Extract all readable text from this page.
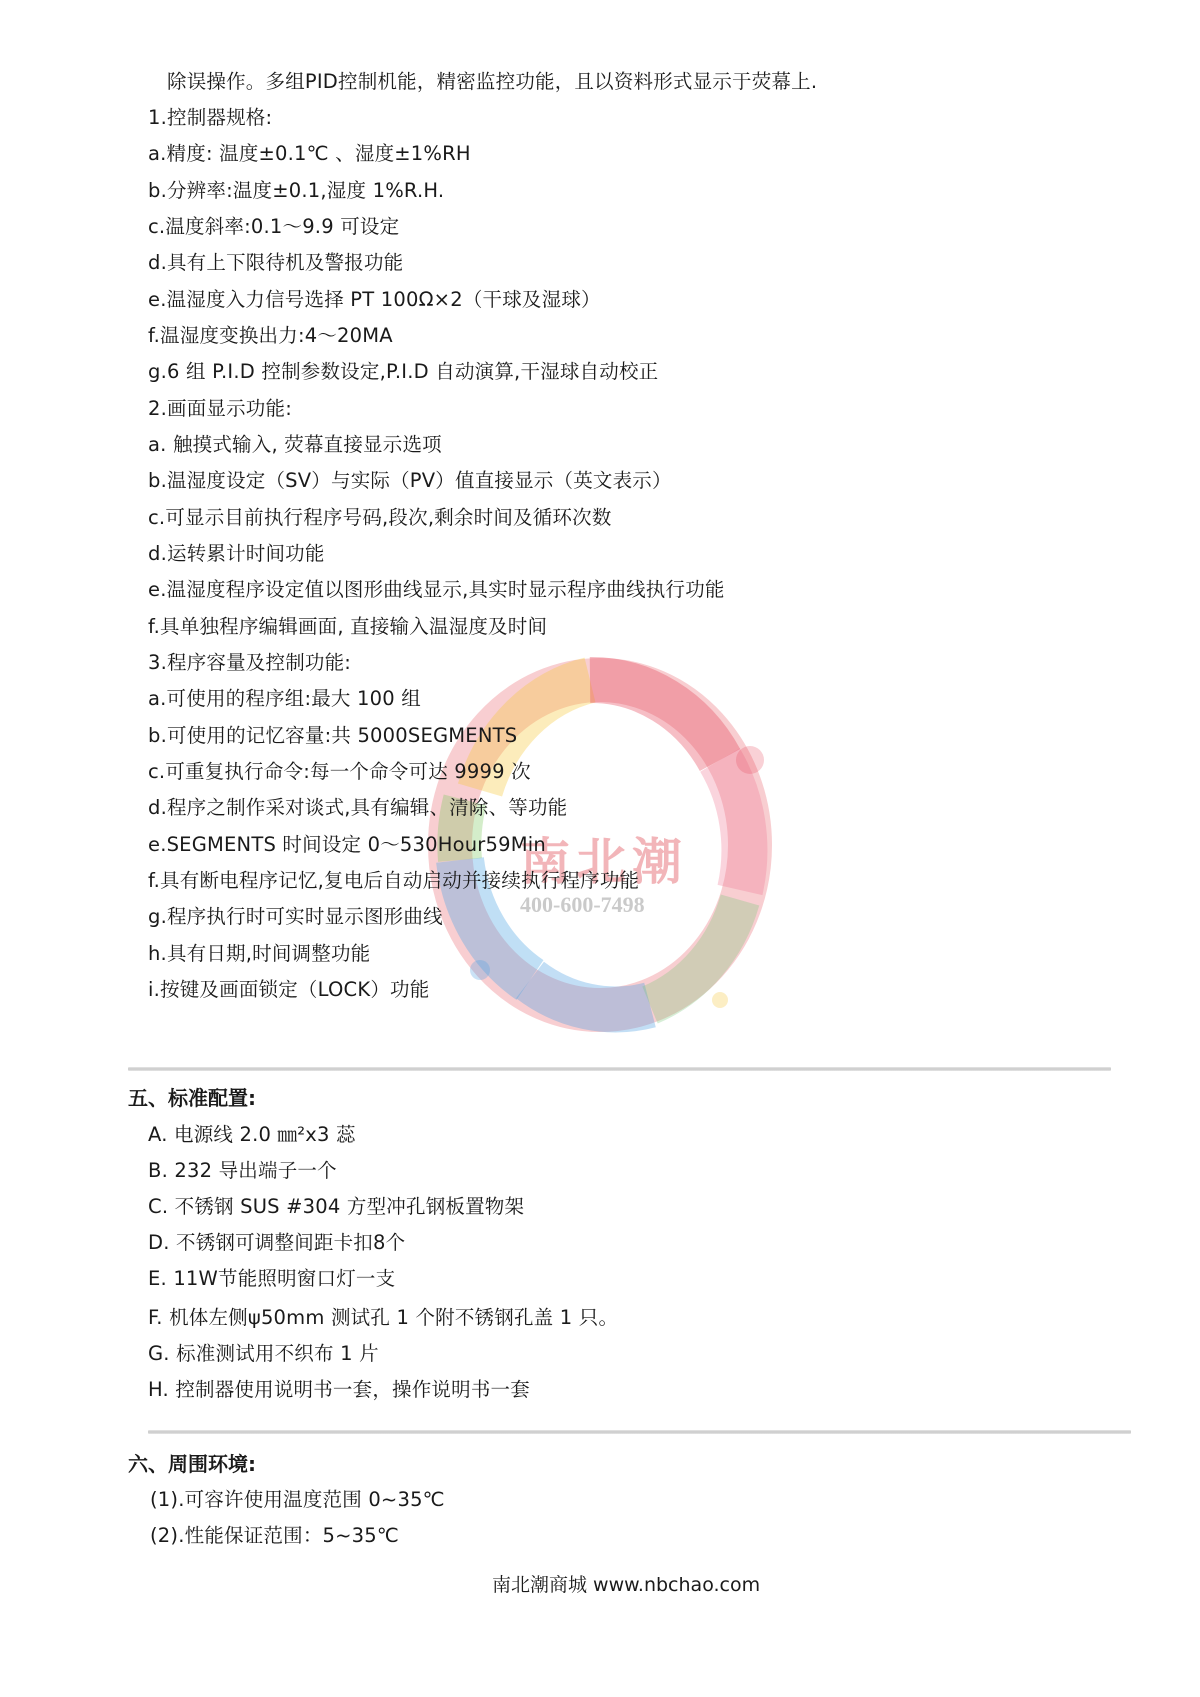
南北潮
400-600-7498
除误操作。多组PID控制机能，精密监控功能，且以资料形式显示于荧幕上.
1.控制器规格:
a.精度: 温度±0.1℃ 、湿度±1%RH
b.分辨率:温度±0.1,湿度 1%R.H.
c.温度斜率:0.1～9.9 可设定
d.具有上下限待机及警报功能
e.温湿度入力信号选择 PT 100Ω×2（干球及湿球）
f.温湿度变换出力:4～20MA
g.6 组 P.I.D 控制参数设定,P.I.D 自动演算,干湿球自动校正
2.画面显示功能:
a. 触摸式输入, 荧幕直接显示选项
b.温湿度设定（SV）与实际（PV）值直接显示（英文表示）
c.可显示目前执行程序号码,段次,剩余时间及循环次数
d.运转累计时间功能
e.温湿度程序设定值以图形曲线显示,具实时显示程序曲线执行功能
f.具单独程序编辑画面, 直接输入温湿度及时间
3.程序容量及控制功能:
a.可使用的程序组:最大 100 组
b.可使用的记忆容量:共 5000SEGMENTS
c.可重复执行命令:每一个命令可达 9999 次
d.程序之制作采对谈式,具有编辑、清除、等功能
e.SEGMENTS 时间设定 0～530Hour59Min
f.具有断电程序记忆,复电后自动启动并接续执行程序功能
g.程序执行时可实时显示图形曲线
h.具有日期,时间调整功能
i.按键及画面锁定（LOCK）功能
五、标准配置:
A. 电源线 2.0 ㎜²x3 蕊
B. 232 导出端子一个
C. 不锈钢 SUS #304 方型冲孔钢板置物架
D. 不锈钢可调整间距卡扣8个
E. 11W节能照明窗口灯一支
F. 机体左侧ψ50mm 测试孔 1 个附不锈钢孔盖 1 只。
G. 标准测试用不织布 1 片
H. 控制器使用说明书一套，操作说明书一套
六、周围环境:
(1).可容许使用温度范围 0~35℃
(2).性能保证范围：5~35℃
南北潮商城 www.nbchao.com
